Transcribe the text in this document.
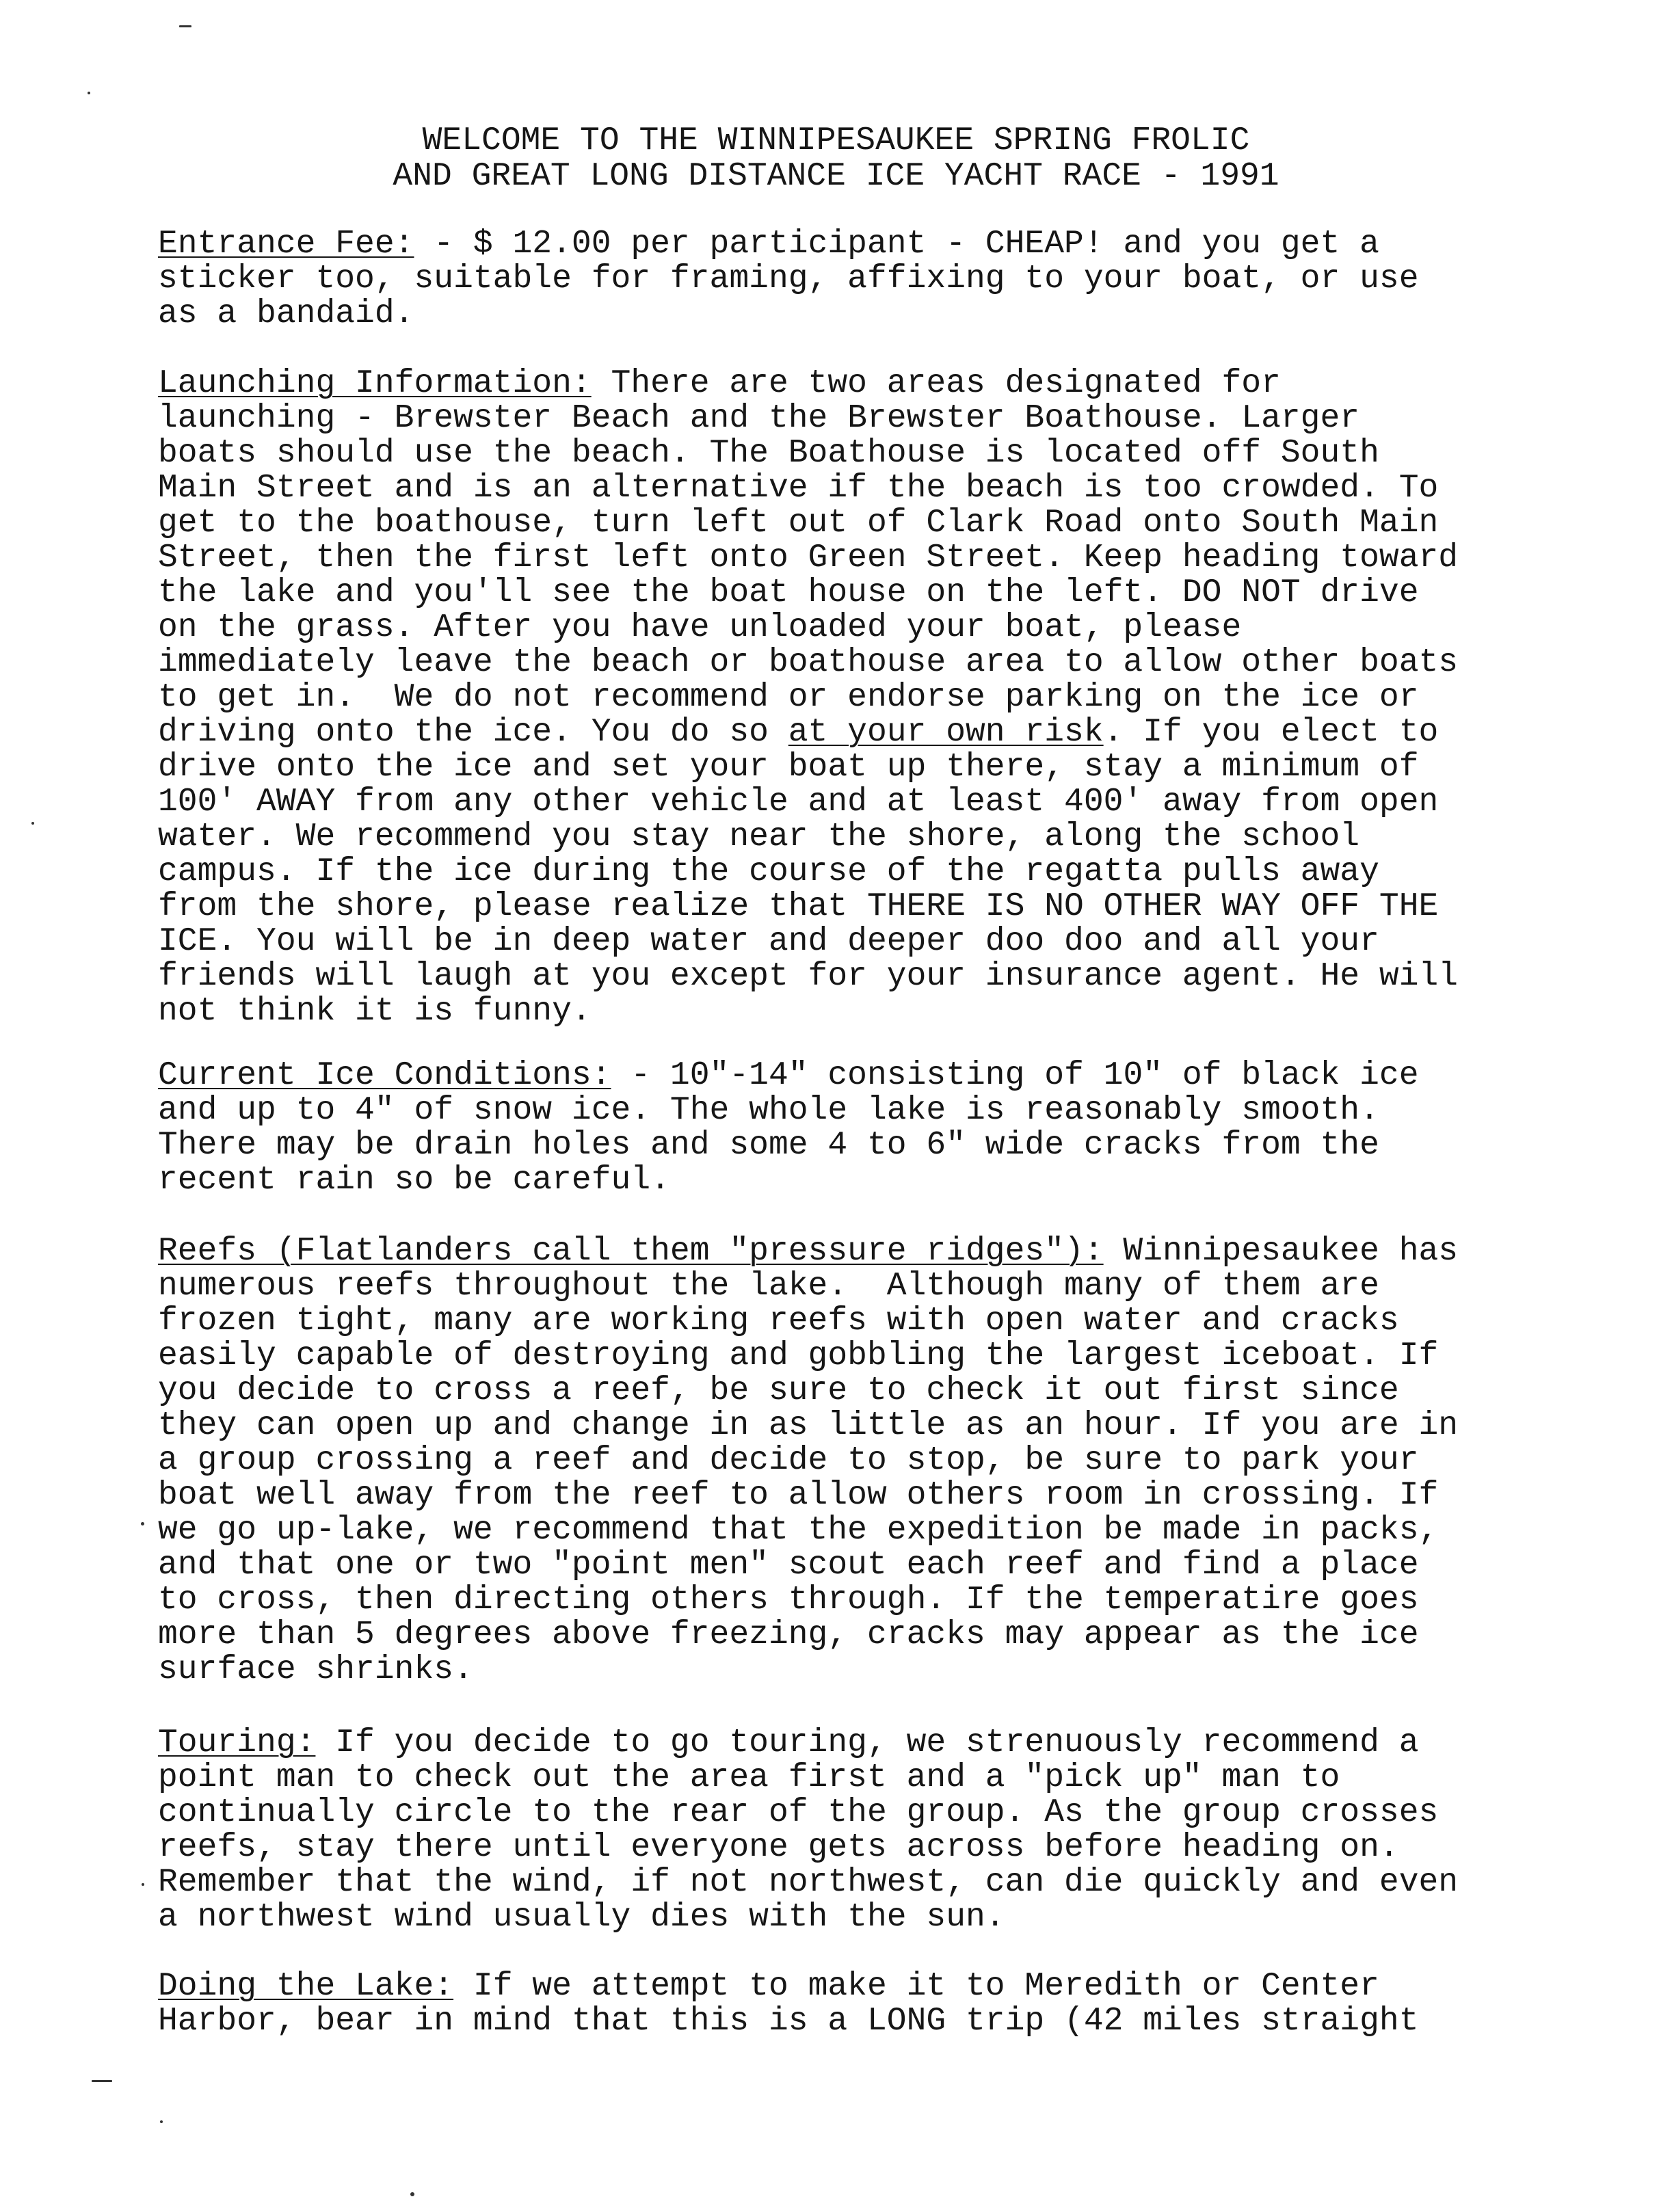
WELCOME TO THE WINNIPESAUKEE SPRING FROLIC
AND GREAT LONG DISTANCE ICE YACHT RACE - 1991
Entrance Fee: - $ 12.00 per participant - CHEAP! and you get a
sticker too, suitable for framing, affixing to your boat, or use
as a bandaid.
Launching Information: There are two areas designated for
launching - Brewster Beach and the Brewster Boathouse. Larger
boats should use the beach. The Boathouse is located off South
Main Street and is an alternative if the beach is too crowded. To
get to the boathouse, turn left out of Clark Road onto South Main
Street, then the first left onto Green Street. Keep heading toward
the lake and you'll see the boat house on the left. DO NOT drive
on the grass. After you have unloaded your boat, please
immediately leave the beach or boathouse area to allow other boats
to get in.  We do not recommend or endorse parking on the ice or
driving onto the ice. You do so at your own risk. If you elect to
drive onto the ice and set your boat up there, stay a minimum of
100' AWAY from any other vehicle and at least 400' away from open
water. We recommend you stay near the shore, along the school
campus. If the ice during the course of the regatta pulls away
from the shore, please realize that THERE IS NO OTHER WAY OFF THE
ICE. You will be in deep water and deeper doo doo and all your
friends will laugh at you except for your insurance agent. He will
not think it is funny.
Current Ice Conditions: - 10"-14" consisting of 10" of black ice
and up to 4" of snow ice. The whole lake is reasonably smooth.
There may be drain holes and some 4 to 6" wide cracks from the
recent rain so be careful.
Reefs (Flatlanders call them "pressure ridges"): Winnipesaukee has
numerous reefs throughout the lake.  Although many of them are
frozen tight, many are working reefs with open water and cracks
easily capable of destroying and gobbling the largest iceboat. If
you decide to cross a reef, be sure to check it out first since
they can open up and change in as little as an hour. If you are in
a group crossing a reef and decide to stop, be sure to park your
boat well away from the reef to allow others room in crossing. If
we go up-lake, we recommend that the expedition be made in packs,
and that one or two "point men" scout each reef and find a place
to cross, then directing others through. If the temperatire goes
more than 5 degrees above freezing, cracks may appear as the ice
surface shrinks.
Touring: If you decide to go touring, we strenuously recommend a
point man to check out the area first and a "pick up" man to
continually circle to the rear of the group. As the group crosses
reefs, stay there until everyone gets across before heading on.
Remember that the wind, if not northwest, can die quickly and even
a northwest wind usually dies with the sun.
Doing the Lake: If we attempt to make it to Meredith or Center
Harbor, bear in mind that this is a LONG trip (42 miles straight
